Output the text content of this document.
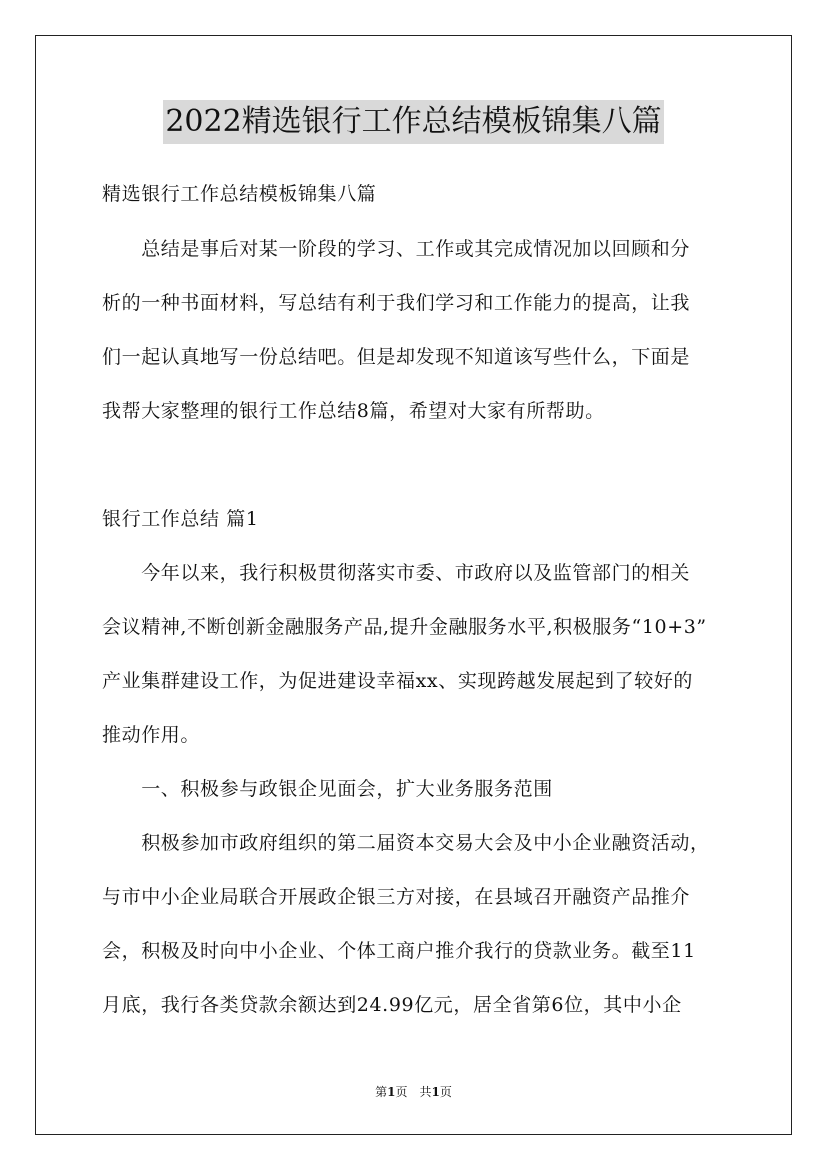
2022精选银行工作总结模板锦集八篇
精选银行工作总结模板锦集八篇
　　总结是事后对某一阶段的学习、工作或其完成情况加以回顾和分
析的一种书面材料，写总结有利于我们学习和工作能力的提高，让我
们一起认真地写一份总结吧。但是却发现不知道该写些什么，下面是
我帮大家整理的银行工作总结8篇，希望对大家有所帮助。
银行工作总结 篇1
　　今年以来，我行积极贯彻落实市委、市政府以及监管部门的相关
会议精神,不断创新金融服务产品,提升金融服务水平,积极服务“10+3”
产业集群建设工作，为促进建设幸福xx、实现跨越发展起到了较好的
推动作用。
　　一、积极参与政银企见面会，扩大业务服务范围
　　积极参加市政府组织的第二届资本交易大会及中小企业融资活动，
与市中小企业局联合开展政企银三方对接，在县域召开融资产品推介
会，积极及时向中小企业、个体工商户推介我行的贷款业务。截至11
月底，我行各类贷款余额达到24.99亿元，居全省第6位，其中小企
第1页　共1页
